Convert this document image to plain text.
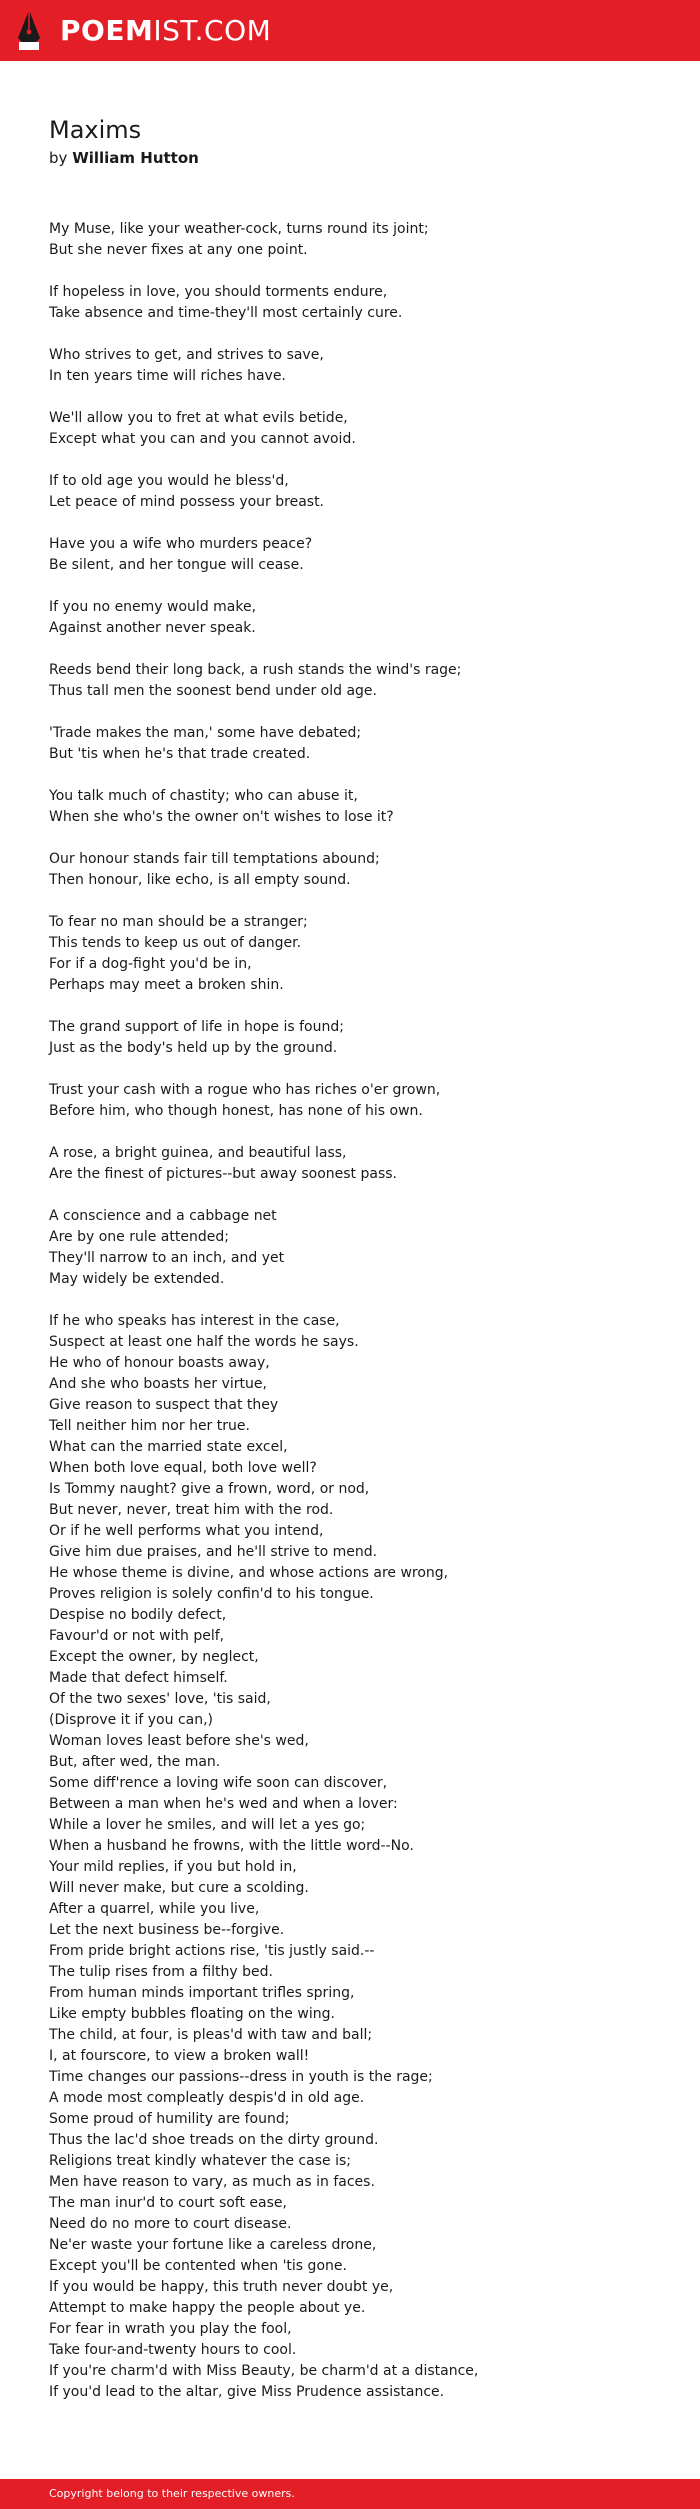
POEMIST.COM
Maxims
by William Hutton
My Muse, like your weather-cock, turns round its joint;
But she never fixes at any one point.
If hopeless in love, you should torments endure,
Take absence and time-they'll most certainly cure.
Who strives to get, and strives to save,
In ten years time will riches have.
We'll allow you to fret at what evils betide,
Except what you can and you cannot avoid.
If to old age you would he bless'd,
Let peace of mind possess your breast.
Have you a wife who murders peace?
Be silent, and her tongue will cease.
If you no enemy would make,
Against another never speak.
Reeds bend their long back, a rush stands the wind's rage;
Thus tall men the soonest bend under old age.
'Trade makes the man,' some have debated;
But 'tis when he's that trade created.
You talk much of chastity; who can abuse it,
When she who's the owner on't wishes to lose it?
Our honour stands fair till temptations abound;
Then honour, like echo, is all empty sound.
To fear no man should be a stranger;
This tends to keep us out of danger.
For if a dog-fight you'd be in,
Perhaps may meet a broken shin.
The grand support of life in hope is found;
Just as the body's held up by the ground.
Trust your cash with a rogue who has riches o'er grown,
Before him, who though honest, has none of his own.
A rose, a bright guinea, and beautiful lass,
Are the finest of pictures--but away soonest pass.
A conscience and a cabbage net
Are by one rule attended;
They'll narrow to an inch, and yet
May widely be extended.
If he who speaks has interest in the case,
Suspect at least one half the words he says.
He who of honour boasts away,
And she who boasts her virtue,
Give reason to suspect that they
Tell neither him nor her true.
What can the married state excel,
When both love equal, both love well?
Is Tommy naught? give a frown, word, or nod,
But never, never, treat him with the rod.
Or if he well performs what you intend,
Give him due praises, and he'll strive to mend.
He whose theme is divine, and whose actions are wrong,
Proves religion is solely confin'd to his tongue.
Despise no bodily defect,
Favour'd or not with pelf,
Except the owner, by neglect,
Made that defect himself.
Of the two sexes' love, 'tis said,
(Disprove it if you can,)
Woman loves least before she's wed,
But, after wed, the man.
Some diff'rence a loving wife soon can discover,
Between a man when he's wed and when a lover:
While a lover he smiles, and will let a yes go;
When a husband he frowns, with the little word--No.
Your mild replies, if you but hold in,
Will never make, but cure a scolding.
After a quarrel, while you live,
Let the next business be--forgive.
From pride bright actions rise, 'tis justly said.--
The tulip rises from a filthy bed.
From human minds important trifles spring,
Like empty bubbles floating on the wing.
The child, at four, is pleas'd with taw and ball;
I, at fourscore, to view a broken wall!
Time changes our passions--dress in youth is the rage;
A mode most compleatly despis'd in old age.
Some proud of humility are found;
Thus the lac'd shoe treads on the dirty ground.
Religions treat kindly whatever the case is;
Men have reason to vary, as much as in faces.
The man inur'd to court soft ease,
Need do no more to court disease.
Ne'er waste your fortune like a careless drone,
Except you'll be contented when 'tis gone.
If you would be happy, this truth never doubt ye,
Attempt to make happy the people about ye.
For fear in wrath you play the fool,
Take four-and-twenty hours to cool.
If you're charm'd with Miss Beauty, be charm'd at a distance,
If you'd lead to the altar, give Miss Prudence assistance.
Copyright belong to their respective owners.
